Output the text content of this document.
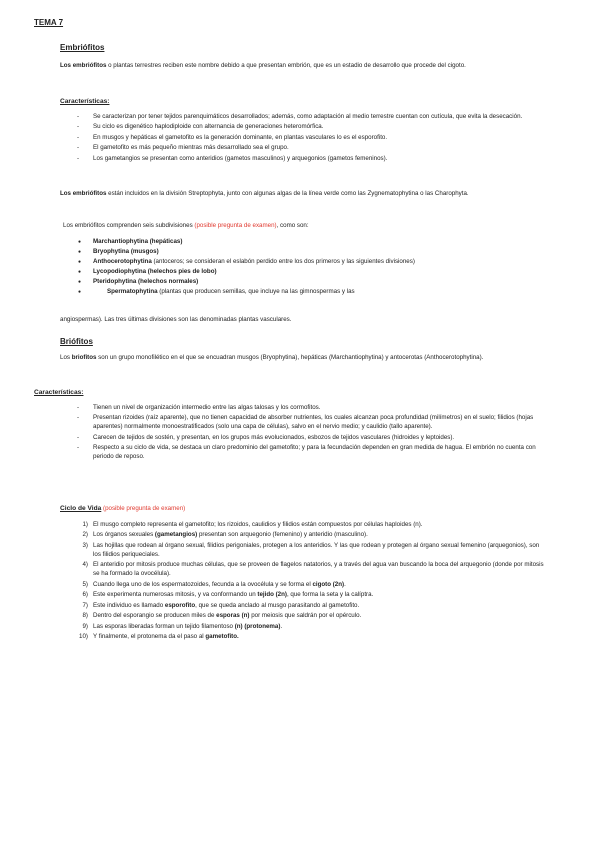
TEMA 7
Embriófitos
Los embriófitos o plantas terrestres reciben este nombre debido a que presentan embrión, que es un estadio de desarrollo que procede del cigoto.
Características:
- Se caracterizan por tener tejidos parenquimáticos desarrollados; además, como adaptación al medio terrestre cuentan con cutícula, que evita la desecación.
- Su ciclo es digenético haplodiploide con alternancia de generaciones heteromórfica.
- En musgos y hepáticas el gametofito es la generación dominante, en plantas vasculares lo es el esporofito.
- El gametofito es más pequeño mientras más desarrollado sea el grupo.
- Los gametangios se presentan como anteridios (gametos masculinos) y arquegonios (gametos femeninos).
Los embriófitos están incluidos en la división Streptophyta, junto con algunas algas de la línea verde como las Zygnematophytina o las Charophyta.
Los embriófitos comprenden seis subdivisiones (posible pregunta de examen), como son:
● Marchantiophytina (hepáticas)
● Bryophytina (musgos)
● Anthocerotophytina (antoceros; se consideran el eslabón perdido entre los dos primeros y las siguientes divisiones)
● Lycopodiophytina (helechos pies de lobo)
● Pteridophytina (helechos normales)
● Spermatophytina (plantas que producen semillas, que incluye na las gimnospermas y las
angiospermas). Las tres últimas divisiones son las denominadas plantas vasculares.
Briófitos
Los briofitos son un grupo monofilético en el que se encuadran musgos (Bryophytina), hepáticas (Marchantiophytina) y antocerotas (Anthocerotophytina).
Características:
- Tienen un nivel de organización intermedio entre las algas talosas y los cormofitos.
- Presentan rizoides (raíz aparente), que no tienen capacidad de absorber nutrientes, los cuales alcanzan poca profundidad (milímetros) en el suelo; filidios (hojas aparentes) normalmente monoestratificados (solo una capa de células), salvo en el nervio medio; y caulidio (tallo aparente).
- Carecen de tejidos de sostén, y presentan, en los grupos más evolucionados, esbozos de tejidos vasculares (hidroides y leptoides).
- Respecto a su ciclo de vida, se destaca un claro predominio del gametofito; y para la fecundación dependen en gran medida de hagua. El embrión no cuenta con periodo de reposo.
Ciclo de Vida (posible pregunta de examen)
1) El musgo completo representa el gametofito; los rizoidos, caulidios y filidios están compuestos por células haploides (n).
2) Los órganos sexuales (gametangios) presentan son arquegonio (femenino) y anteridio (masculino).
3) Las hojillas que rodean al órgano sexual, filidios perigoniales, protegen a los anteridios. Y las que rodean y protegen al órgano sexual femenino (arquegonios), son los filidios periqueciales.
4) El anteridio por mitosis produce muchas células, que se proveen de flagelos natatorios, y a través del agua van buscando la boca del arquegonio (donde por mitosis se ha formado la ovocélula).
5) Cuando llega uno de los espermatozoides, fecunda a la ovocélula y se forma el cigoto (2n).
6) Este experimenta numerosas mitosis, y va conformando un tejido (2n), que forma la seta y la calíptra.
7) Este individuo es llamado esporofito, que se queda anclado al musgo parasitando al gametofito.
8) Dentro del esporangio se producen miles de esporas (n) por meiosis que saldrán por el opérculo.
9) Las esporas liberadas forman un tejido filamentoso (n) (protonema).
10) Y finalmente, el protonema da el paso al gametofito.
